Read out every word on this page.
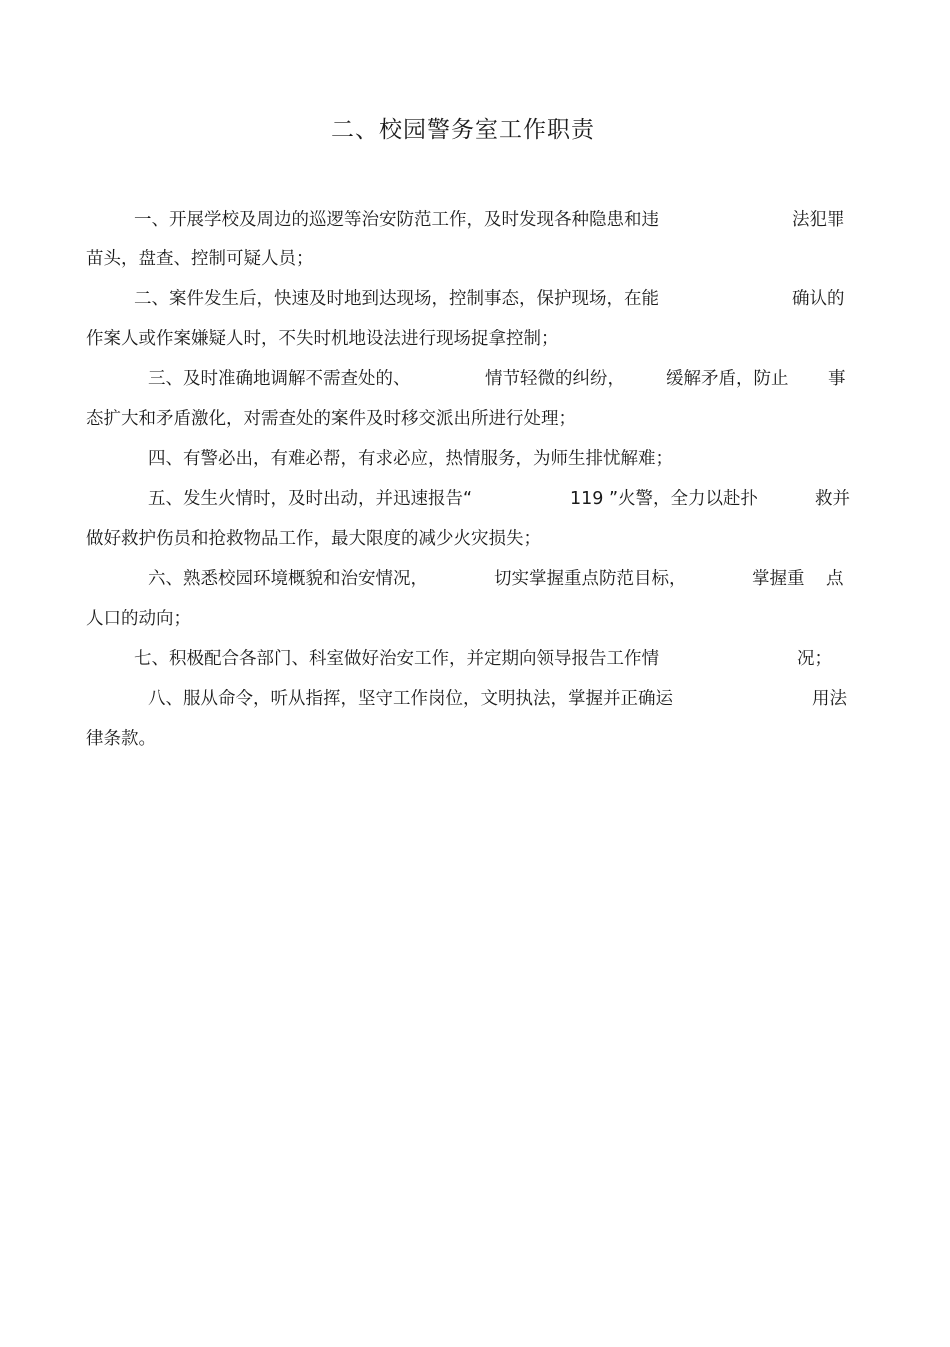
二、校园警务室工作职责
一、开展学校及周边的巡逻等治安防范工作，及时发现各种隐患和违	法犯罪
苗头，盘查、控制可疑人员；
二、案件发生后，快速及时地到达现场，控制事态，保护现场，在能	确认的
作案人或作案嫌疑人时，不失时机地设法进行现场捉拿控制；
三、及时准确地调解不需查处的、	情节轻微的纠纷， 缓解矛盾，防止 事
态扩大和矛盾激化，对需查处的案件及时移交派出所进行处理；
四、有警必出，有难必帮，有求必应，热情服务，为师生排忧解难；
五、发生火情时，及时出动，并迅速报告“	119 ”火警，全力以赴扑	救并
做好救护伤员和抢救物品工作，最大限度的减少火灾损失；
六、熟悉校园环境概貌和治安情况，	切实掌握重点防范目标，	掌握重 点
人口的动向；
七、积极配合各部门、科室做好治安工作，并定期向领导报告工作情	况；
八、服从命令，听从指挥，坚守工作岗位，文明执法，掌握并正确运	用法
律条款。
